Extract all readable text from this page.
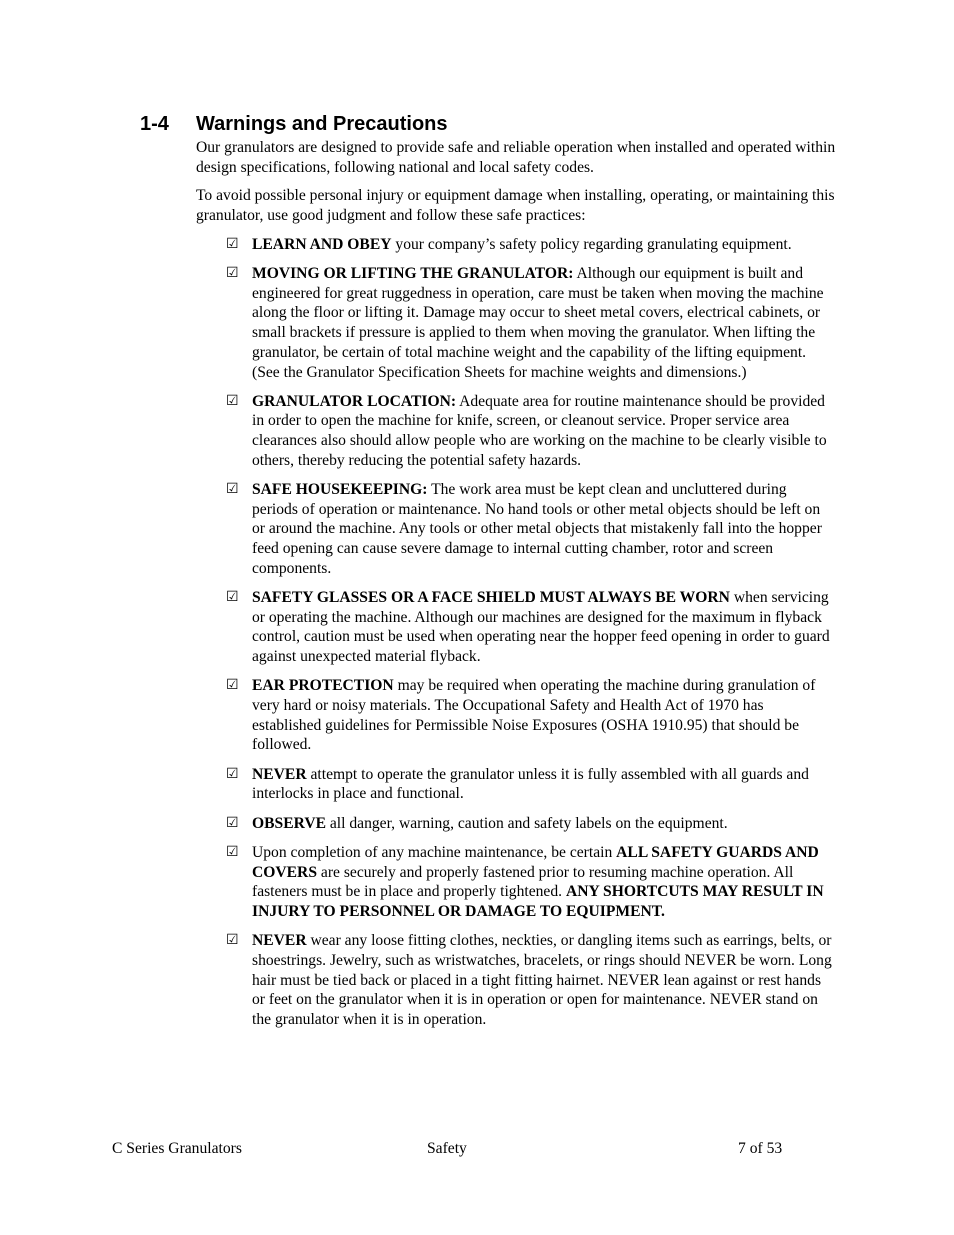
1-4 Warnings and Precautions

Our granulators are designed to provide safe and reliable operation when installed and operated within design specifications, following national and local safety codes.

To avoid possible personal injury or equipment damage when installing, operating, or maintaining this granulator, use good judgment and follow these safe practices:

☑ LEARN AND OBEY your company’s safety policy regarding granulating equipment.
☑ MOVING OR LIFTING THE GRANULATOR: Although our equipment is built and engineered for great ruggedness in operation, care must be taken when moving the machine along the floor or lifting it. Damage may occur to sheet metal covers, electrical cabinets, or small brackets if pressure is applied to them when moving the granulator. When lifting the granulator, be certain of total machine weight and the capability of the lifting equipment. (See the Granulator Specification Sheets for machine weights and dimensions.)
☑ GRANULATOR LOCATION: Adequate area for routine maintenance should be provided in order to open the machine for knife, screen, or cleanout service. Proper service area clearances also should allow people who are working on the machine to be clearly visible to others, thereby reducing the potential safety hazards.
☑ SAFE HOUSEKEEPING: The work area must be kept clean and uncluttered during periods of operation or maintenance. No hand tools or other metal objects should be left on or around the machine. Any tools or other metal objects that mistakenly fall into the hopper feed opening can cause severe damage to internal cutting chamber, rotor and screen components.
☑ SAFETY GLASSES OR A FACE SHIELD MUST ALWAYS BE WORN when servicing or operating the machine. Although our machines are designed for the maximum in flyback control, caution must be used when operating near the hopper feed opening in order to guard against unexpected material flyback.
☑ EAR PROTECTION may be required when operating the machine during granulation of very hard or noisy materials. The Occupational Safety and Health Act of 1970 has established guidelines for Permissible Noise Exposures (OSHA 1910.95) that should be followed.
☑ NEVER attempt to operate the granulator unless it is fully assembled with all guards and interlocks in place and functional.
☑ OBSERVE all danger, warning, caution and safety labels on the equipment.
☑ Upon completion of any machine maintenance, be certain ALL SAFETY GUARDS AND COVERS are securely and properly fastened prior to resuming machine operation. All fasteners must be in place and properly tightened. ANY SHORTCUTS MAY RESULT IN INJURY TO PERSONNEL OR DAMAGE TO EQUIPMENT.
☑ NEVER wear any loose fitting clothes, neckties, or dangling items such as earrings, belts, or shoestrings. Jewelry, such as wristwatches, bracelets, or rings should NEVER be worn. Long hair must be tied back or placed in a tight fitting hairnet. NEVER lean against or rest hands or feet on the granulator when it is in operation or open for maintenance. NEVER stand on the granulator when it is in operation.
C Series Granulators	Safety	7 of 53
